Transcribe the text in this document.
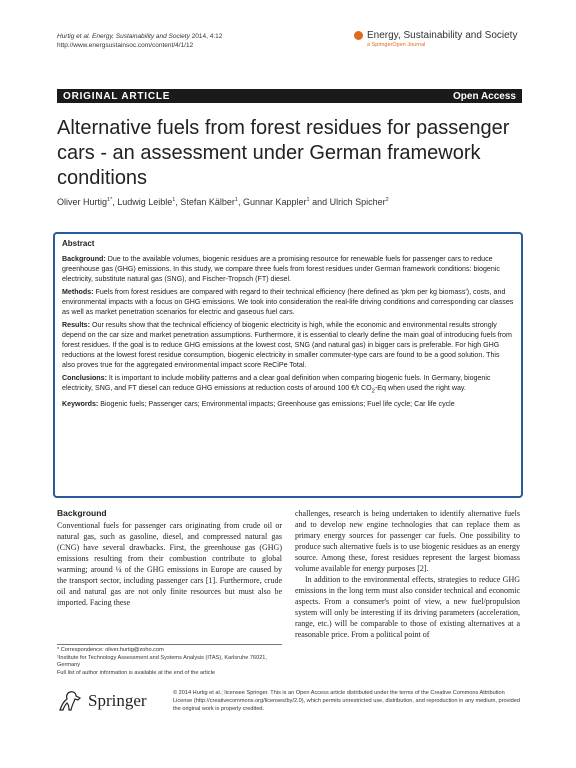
Hurtig et al. Energy, Sustainability and Society 2014, 4:12
http://www.energsustainsoc.com/content/4/1/12
Energy, Sustainability and Society
a SpringerOpen Journal
ORIGINAL ARTICLE	Open Access
Alternative fuels from forest residues for passenger cars - an assessment under German framework conditions
Oliver Hurtig$^{1*}$, Ludwig Leible$^1$, Stefan Kälber$^1$, Gunnar Kappler$^1$ and Ulrich Spicher$^2$
Abstract

Background: Due to the available volumes, biogenic residues are a promising resource for renewable fuels for passenger cars to reduce greenhouse gas (GHG) emissions. In this study, we compare three fuels from forest residues under German framework conditions: biogenic electricity, substitute natural gas (SNG), and Fischer-Tropsch (FT) diesel.

Methods: Fuels from forest residues are compared with regard to their technical efficiency (here defined as 'pkm per kg biomass'), costs, and environmental impacts with a focus on GHG emissions. We took into consideration the real-life driving conditions and corresponding car classes as well as market penetration scenarios for electric and gaseous fuel cars.

Results: Our results show that the technical efficiency of biogenic electricity is high, while the economic and environmental results strongly depend on the car size and market penetration assumptions. Furthermore, it is essential to clearly define the main goal of introducing fuels from forest residues. If the goal is to reduce GHG emissions at the lowest cost, SNG (and natural gas) in bigger cars is preferable. For high GHG reductions at the lowest forest residue consumption, biogenic electricity in smaller commuter-type cars are found to be a good solution. This also proves true for the aggregated environmental impact score ReCiPe Total.

Conclusions: It is important to include mobility patterns and a clear goal definition when comparing biogenic fuels. In Germany, biogenic electricity, SNG, and FT diesel can reduce GHG emissions at reduction costs of around 100 €/t $CO_2-Eq$ when used the right way.

Keywords: Biogenic fuels; Passenger cars; Environmental impacts; Greenhouse gas emissions; Fuel life cycle; Car life cycle

Background

Conventional fuels for passenger cars originating from crude oil or natural gas, such as gasoline, diesel, and compressed natural gas (CNG) have several drawbacks. First, the greenhouse gas (GHG) emissions resulting from their combustion contribute to global warming; around ¼ of the GHG emissions in Europe are caused by the transport sector, including passenger cars [1]. Furthermore, crude oil and natural gas are not only finite resources but must also be imported. Facing these

challenges, research is being undertaken to identify alternative fuels and to develop new engine technologies that can replace them as primary energy sources for passenger car fuels. One possibility to produce such alternative fuels is to use biogenic residues as an energy source. Among these, forest residues represent the largest biomass volume available for energy purposes [2].

In addition to the environmental effects, strategies to reduce GHG emissions in the long term must also consider technical and economic aspects. From a consumer's point of view, a new fuel/propulsion system will only be interesting if its driving parameters (acceleration, range, etc.) will be comparable to those of existing alternatives at a reasonable price. From a political point of

* Correspondence: oliver.hurtig@zoho.com

¹Institute for Technology Assessment and Systems Analysis (ITAS), Karlsruhe 76021, Germany

Full list of author information is available at the end of the article

Springer	© 2014 Hurtig et al.; licensee Springer. This is an Open Access article distributed under the terms of the Creative Commons Attribution License (http://creativecommons.org/licenses/by/2.0), which permits unrestricted use, distribution, and reproduction in any medium, provided the original work is properly credited.
